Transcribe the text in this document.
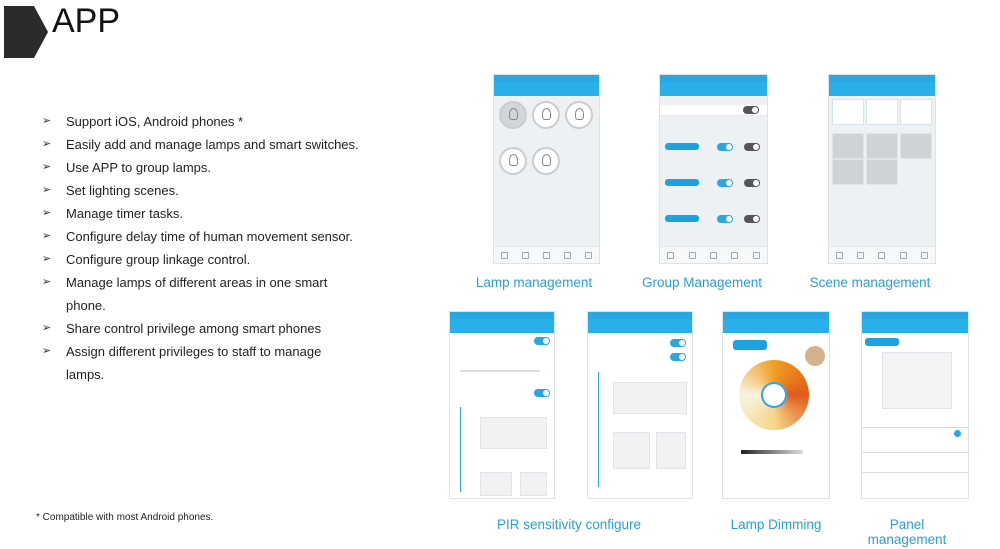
APP
➢ Support iOS, Android phones *
➢ Easily add and manage lamps and smart switches.
➢ Use APP to group lamps.
➢ Set lighting scenes.
➢ Manage timer tasks.
➢ Configure delay time of human movement sensor.
➢ Configure group linkage control.
➢ Manage lamps of different areas in one smart phone.
➢ Share control privilege among smart phones
➢ Assign different privileges to staff to manage lamps.
* Compatible with most Android phones.
Lamp management	Group Management	Scene management
PIR sensitivity configure	Lamp Dimming	Panel management
